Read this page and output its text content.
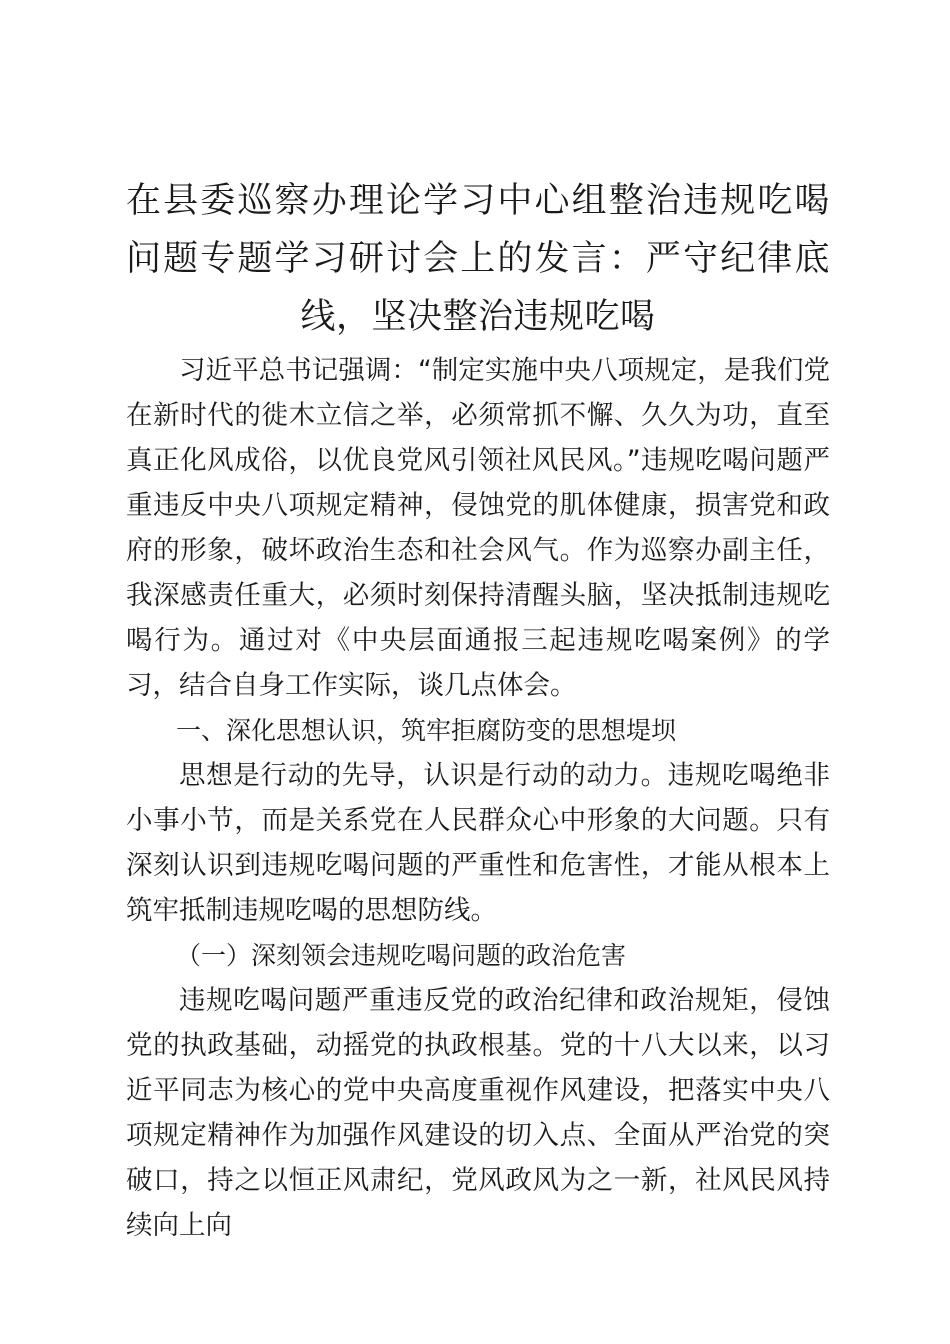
在县委巡察办理论学习中心组整治违规吃喝问题专题学习研讨会上的发言：严守纪律底线，坚决整治违规吃喝

习近平总书记强调：“制定实施中央八项规定，是我们党在新时代的徙木立信之举，必须常抓不懈、久久为功，直至真正化风成俗，以优良党风引领社风民风。”违规吃喝问题严重违反中央八项规定精神，侵蚀党的肌体健康，损害党和政府的形象，破坏政治生态和社会风气。作为巡察办副主任，我深感责任重大，必须时刻保持清醒头脑，坚决抵制违规吃喝行为。通过对《中央层面通报三起违规吃喝案例》的学习，结合自身工作实际，谈几点体会。

一、深化思想认识，筑牢拒腐防变的思想堤坝

思想是行动的先导，认识是行动的动力。违规吃喝绝非小事小节，而是关系党在人民群众心中形象的大问题。只有深刻认识到违规吃喝问题的严重性和危害性，才能从根本上筑牢抵制违规吃喝的思想防线。

（一）深刻领会违规吃喝问题的政治危害

违规吃喝问题严重违反党的政治纪律和政治规矩，侵蚀党的执政基础，动摇党的执政根基。党的十八大以来，以习近平同志为核心的党中央高度重视作风建设，把落实中央八项规定精神作为加强作风建设的切入点、全面从严治党的突破口，持之以恒正风肃纪，党风政风为之一新，社风民风持续向上向
